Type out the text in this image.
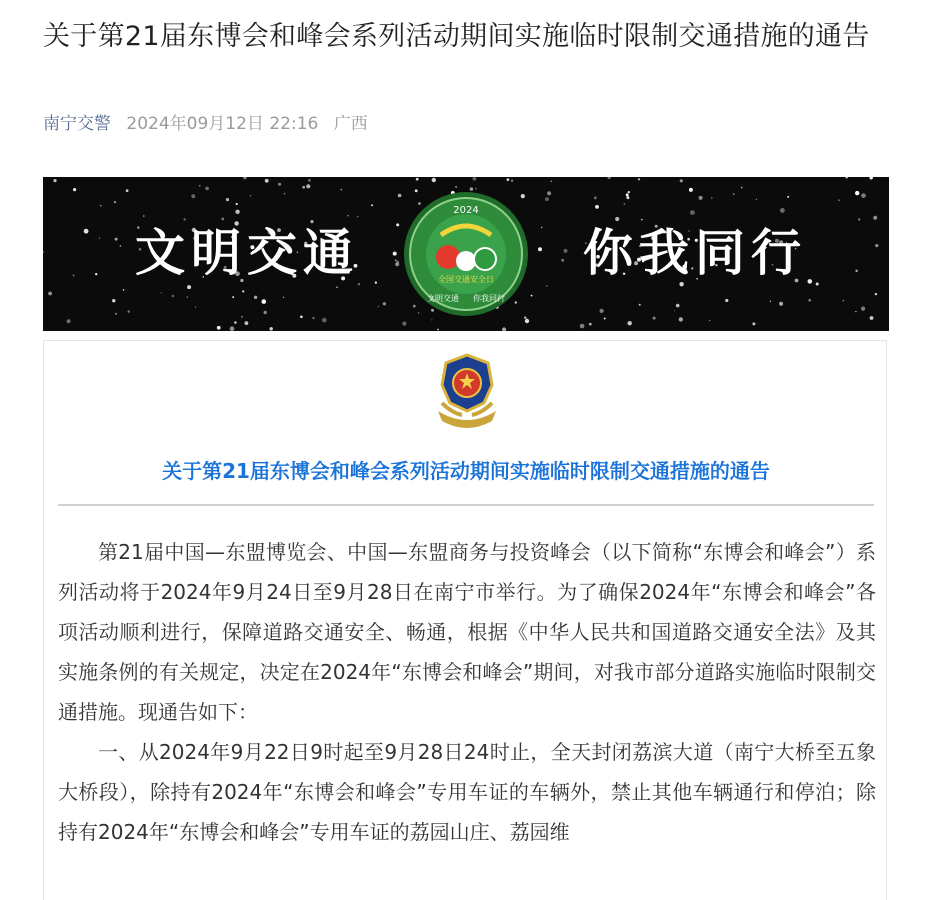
关于第21届东博会和峰会系列活动期间实施临时限制交通措施的通告
南宁交警 2024年09月12日 22:16 广西
2024
全国交通安全日
文明交通 你我同行
文明交通	你我同行
关于第21届东博会和峰会系列活动期间实施临时限制交通措施的通告

第21届中国—东盟博览会、中国—东盟商务与投资峰会（以下简称“东博会和峰会”）系列活动将于2024年9月24日至9月28日在南宁市举行。为了确保2024年“东博会和峰会”各项活动顺利进行，保障道路交通安全、畅通，根据《中华人民共和国道路交通安全法》及其实施条例的有关规定，决定在2024年“东博会和峰会”期间，对我市部分道路实施临时限制交通措施。现通告如下：

一、从2024年9月22日9时起至9月28日24时止，全天封闭荔滨大道（南宁大桥至五象大桥段），除持有2024年“东博会和峰会”专用车证的车辆外，禁止其他车辆通行和停泊；除持有2024年“东博会和峰会”专用车证的荔园山庄、荔园维
